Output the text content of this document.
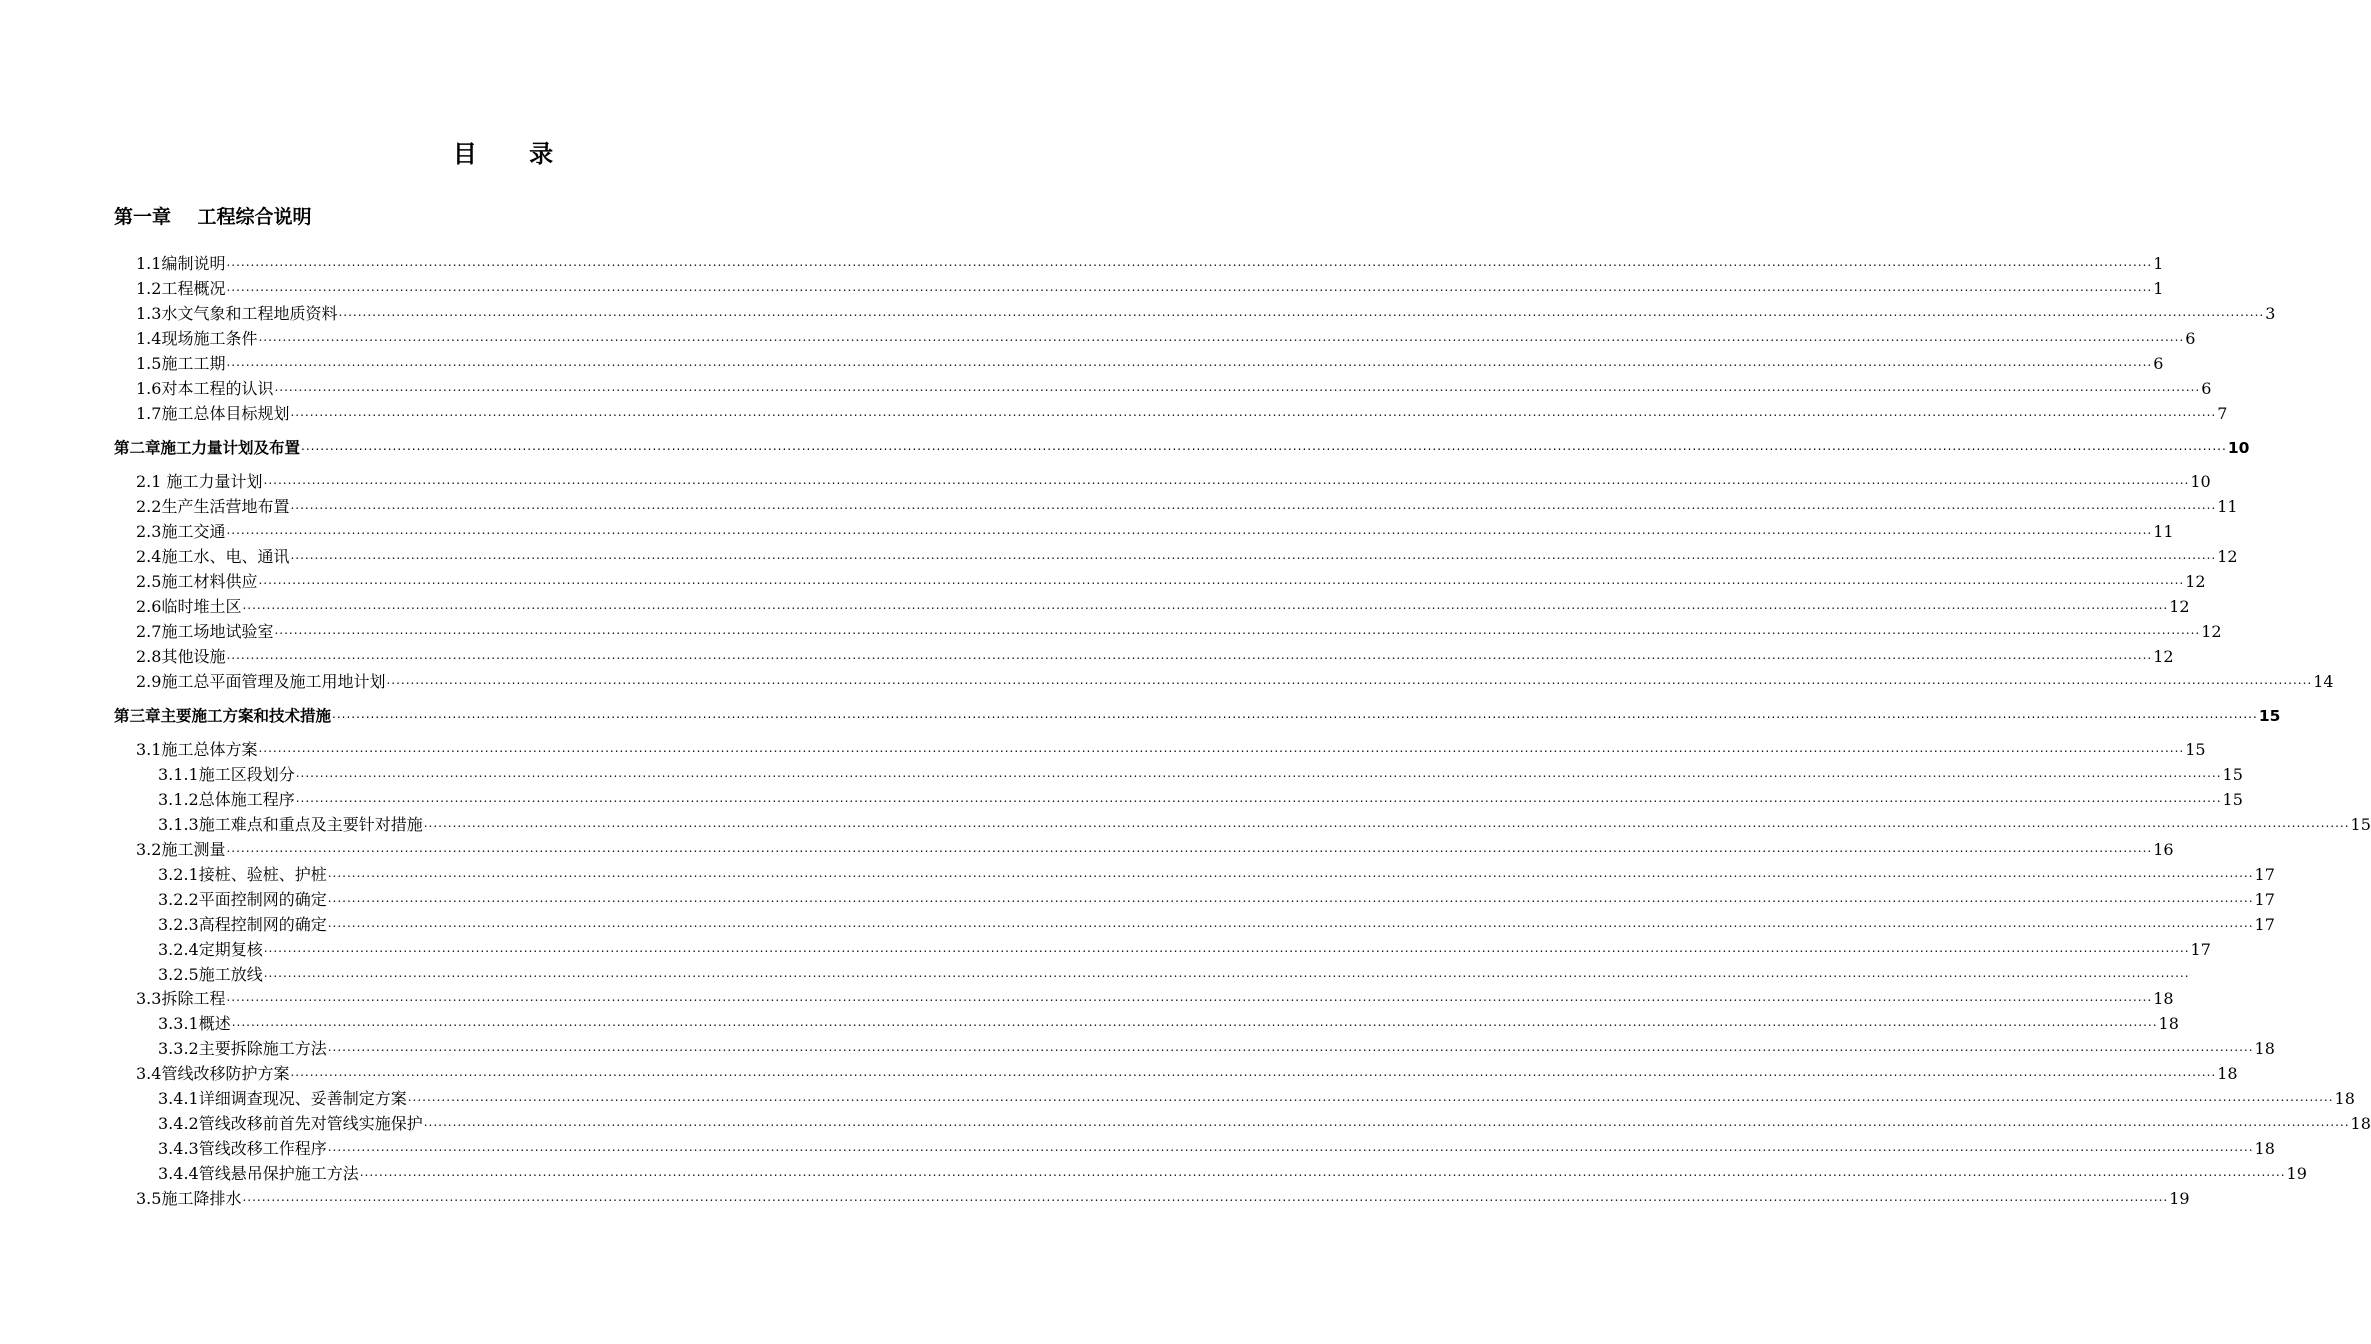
目 录
第一章 工程综合说明
1.1 编制说明 ................................................................................................................................................................................................................................................................................................................................................................................................................ 1
1.2 工程概况 ................................................................................................................................................................................................................................................................................................................................................................................................................ 1
1.3 水文气象和工程地质资料 ................................................................................................................................................................................................................................................................................................................................................................................................................ 3
1.4 现场施工条件 ................................................................................................................................................................................................................................................................................................................................................................................................................ 6
1.5 施工工期 ................................................................................................................................................................................................................................................................................................................................................................................................................ 6
1.6 对本工程的认识 ................................................................................................................................................................................................................................................................................................................................................................................................................ 6
1.7 施工总体目标规划 ................................................................................................................................................................................................................................................................................................................................................................................................................ 7
第二章 施工力量计划及布置 ................................................................................................................................................................................................................................................................................................................................................................................................................ 10
2.1 施工力量计划 ................................................................................................................................................................................................................................................................................................................................................................................................................ 10
2.2 生产生活营地布置 ................................................................................................................................................................................................................................................................................................................................................................................................................ 11
2.3 施工交通 ................................................................................................................................................................................................................................................................................................................................................................................................................ 11
2.4 施工水、电、通讯 ................................................................................................................................................................................................................................................................................................................................................................................................................ 12
2.5 施工材料供应 ................................................................................................................................................................................................................................................................................................................................................................................................................ 12
2.6 临时堆土区 ................................................................................................................................................................................................................................................................................................................................................................................................................ 12
2.7 施工场地试验室 ................................................................................................................................................................................................................................................................................................................................................................................................................ 12
2.8 其他设施 ................................................................................................................................................................................................................................................................................................................................................................................................................ 12
2.9 施工总平面管理及施工用地计划 ................................................................................................................................................................................................................................................................................................................................................................................................................ 14
第三章 主要施工方案和技术措施 ................................................................................................................................................................................................................................................................................................................................................................................................................ 15
3.1 施工总体方案 ................................................................................................................................................................................................................................................................................................................................................................................................................ 15
3.1.1 施工区段划分 ................................................................................................................................................................................................................................................................................................................................................................................................................ 15
3.1.2 总体施工程序 ................................................................................................................................................................................................................................................................................................................................................................................................................ 15
3.1.3 施工难点和重点及主要针对措施 ................................................................................................................................................................................................................................................................................................................................................................................................................ 15
3.2 施工测量 ................................................................................................................................................................................................................................................................................................................................................................................................................ 16
3.2.1 接桩、验桩、护桩 ................................................................................................................................................................................................................................................................................................................................................................................................................ 17
3.2.2 平面控制网的确定 ................................................................................................................................................................................................................................................................................................................................................................................................................ 17
3.2.3 高程控制网的确定 ................................................................................................................................................................................................................................................................................................................................................................................................................ 17
3.2.4 定期复核 ................................................................................................................................................................................................................................................................................................................................................................................................................ 17
3.2.5 施工放线 ................................................................................................................................................................................................................................................................................................................................................................................................................
3.3 拆除工程 ................................................................................................................................................................................................................................................................................................................................................................................................................ 18
3.3.1 概述 ................................................................................................................................................................................................................................................................................................................................................................................................................ 18
3.3.2 主要拆除施工方法 ................................................................................................................................................................................................................................................................................................................................................................................................................ 18
3.4 管线改移防护方案 ................................................................................................................................................................................................................................................................................................................................................................................................................ 18
3.4.1 详细调查现况、妥善制定方案 ................................................................................................................................................................................................................................................................................................................................................................................................................ 18
3.4.2 管线改移前首先对管线实施保护 ................................................................................................................................................................................................................................................................................................................................................................................................................ 18
3.4.3 管线改移工作程序 ................................................................................................................................................................................................................................................................................................................................................................................................................ 18
3.4.4 管线悬吊保护施工方法 ................................................................................................................................................................................................................................................................................................................................................................................................................ 19
3.5 施工降排水 ................................................................................................................................................................................................................................................................................................................................................................................................................ 19
